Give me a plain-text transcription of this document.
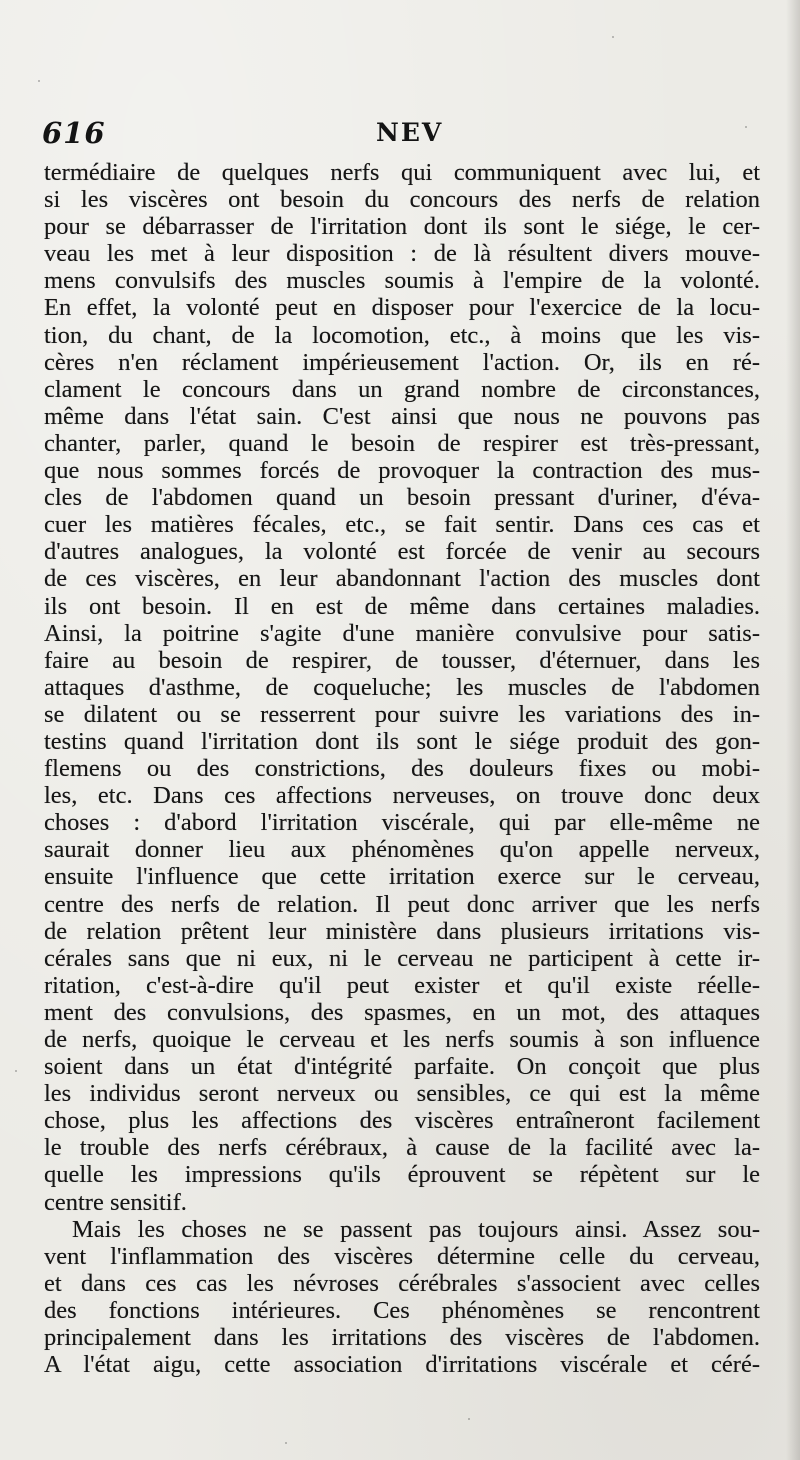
616	NEV
termédiaire de quelques nerfs qui communiquent avec lui, et
si les viscères ont besoin du concours des nerfs de relation
pour se débarrasser de l'irritation dont ils sont le siége, le cer-
veau les met à leur disposition : de là résultent divers mouve-
mens convulsifs des muscles soumis à l'empire de la volonté.
En effet, la volonté peut en disposer pour l'exercice de la locu-
tion, du chant, de la locomotion, etc., à moins que les vis-
cères n'en réclament impérieusement l'action. Or, ils en ré-
clament le concours dans un grand nombre de circonstances,
même dans l'état sain. C'est ainsi que nous ne pouvons pas
chanter, parler, quand le besoin de respirer est très-pressant,
que nous sommes forcés de provoquer la contraction des mus-
cles de l'abdomen quand un besoin pressant d'uriner, d'éva-
cuer les matières fécales, etc., se fait sentir. Dans ces cas et
d'autres analogues, la volonté est forcée de venir au secours
de ces viscères, en leur abandonnant l'action des muscles dont
ils ont besoin. Il en est de même dans certaines maladies.
Ainsi, la poitrine s'agite d'une manière convulsive pour satis-
faire au besoin de respirer, de tousser, d'éternuer, dans les
attaques d'asthme, de coqueluche; les muscles de l'abdomen
se dilatent ou se resserrent pour suivre les variations des in-
testins quand l'irritation dont ils sont le siége produit des gon-
flemens ou des constrictions, des douleurs fixes ou mobi-
les, etc. Dans ces affections nerveuses, on trouve donc deux
choses : d'abord l'irritation viscérale, qui par elle-même ne
saurait donner lieu aux phénomènes qu'on appelle nerveux,
ensuite l'influence que cette irritation exerce sur le cerveau,
centre des nerfs de relation. Il peut donc arriver que les nerfs
de relation prêtent leur ministère dans plusieurs irritations vis-
cérales sans que ni eux, ni le cerveau ne participent à cette ir-
ritation, c'est-à-dire qu'il peut exister et qu'il existe réelle-
ment des convulsions, des spasmes, en un mot, des attaques
de nerfs, quoique le cerveau et les nerfs soumis à son influence
soient dans un état d'intégrité parfaite. On conçoit que plus
les individus seront nerveux ou sensibles, ce qui est la même
chose, plus les affections des viscères entraîneront facilement
le trouble des nerfs cérébraux, à cause de la facilité avec la-
quelle les impressions qu'ils éprouvent se répètent sur le
centre sensitif.
Mais les choses ne se passent pas toujours ainsi. Assez sou-
vent l'inflammation des viscères détermine celle du cerveau,
et dans ces cas les névroses cérébrales s'associent avec celles
des fonctions intérieures. Ces phénomènes se rencontrent
principalement dans les irritations des viscères de l'abdomen.
A l'état aigu, cette association d'irritations viscérale et céré-
